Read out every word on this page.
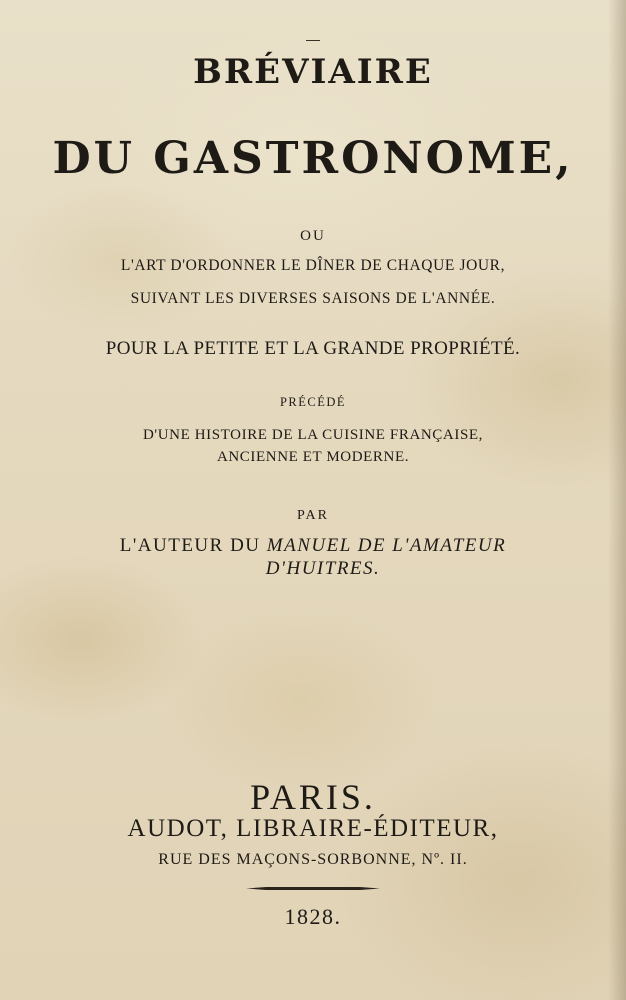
BRÉVIAIRE

DU GASTRONOME,

OU

L'ART D'ORDONNER LE DÎNER DE CHAQUE JOUR,

SUIVANT LES DIVERSES SAISONS DE L'ANNÉE.

POUR LA PETITE ET LA GRANDE PROPRIÉTÉ.

PRÉCÉDÉ

D'UNE HISTOIRE DE LA CUISINE FRANÇAISE,

ANCIENNE ET MODERNE.

PAR

L'AUTEUR DU MANUEL DE L'AMATEUR

D'HUITRES.

PARIS.

AUDOT, LIBRAIRE-ÉDITEUR,

RUE DES MAÇONS-SORBONNE, Nº. II.

1828.
